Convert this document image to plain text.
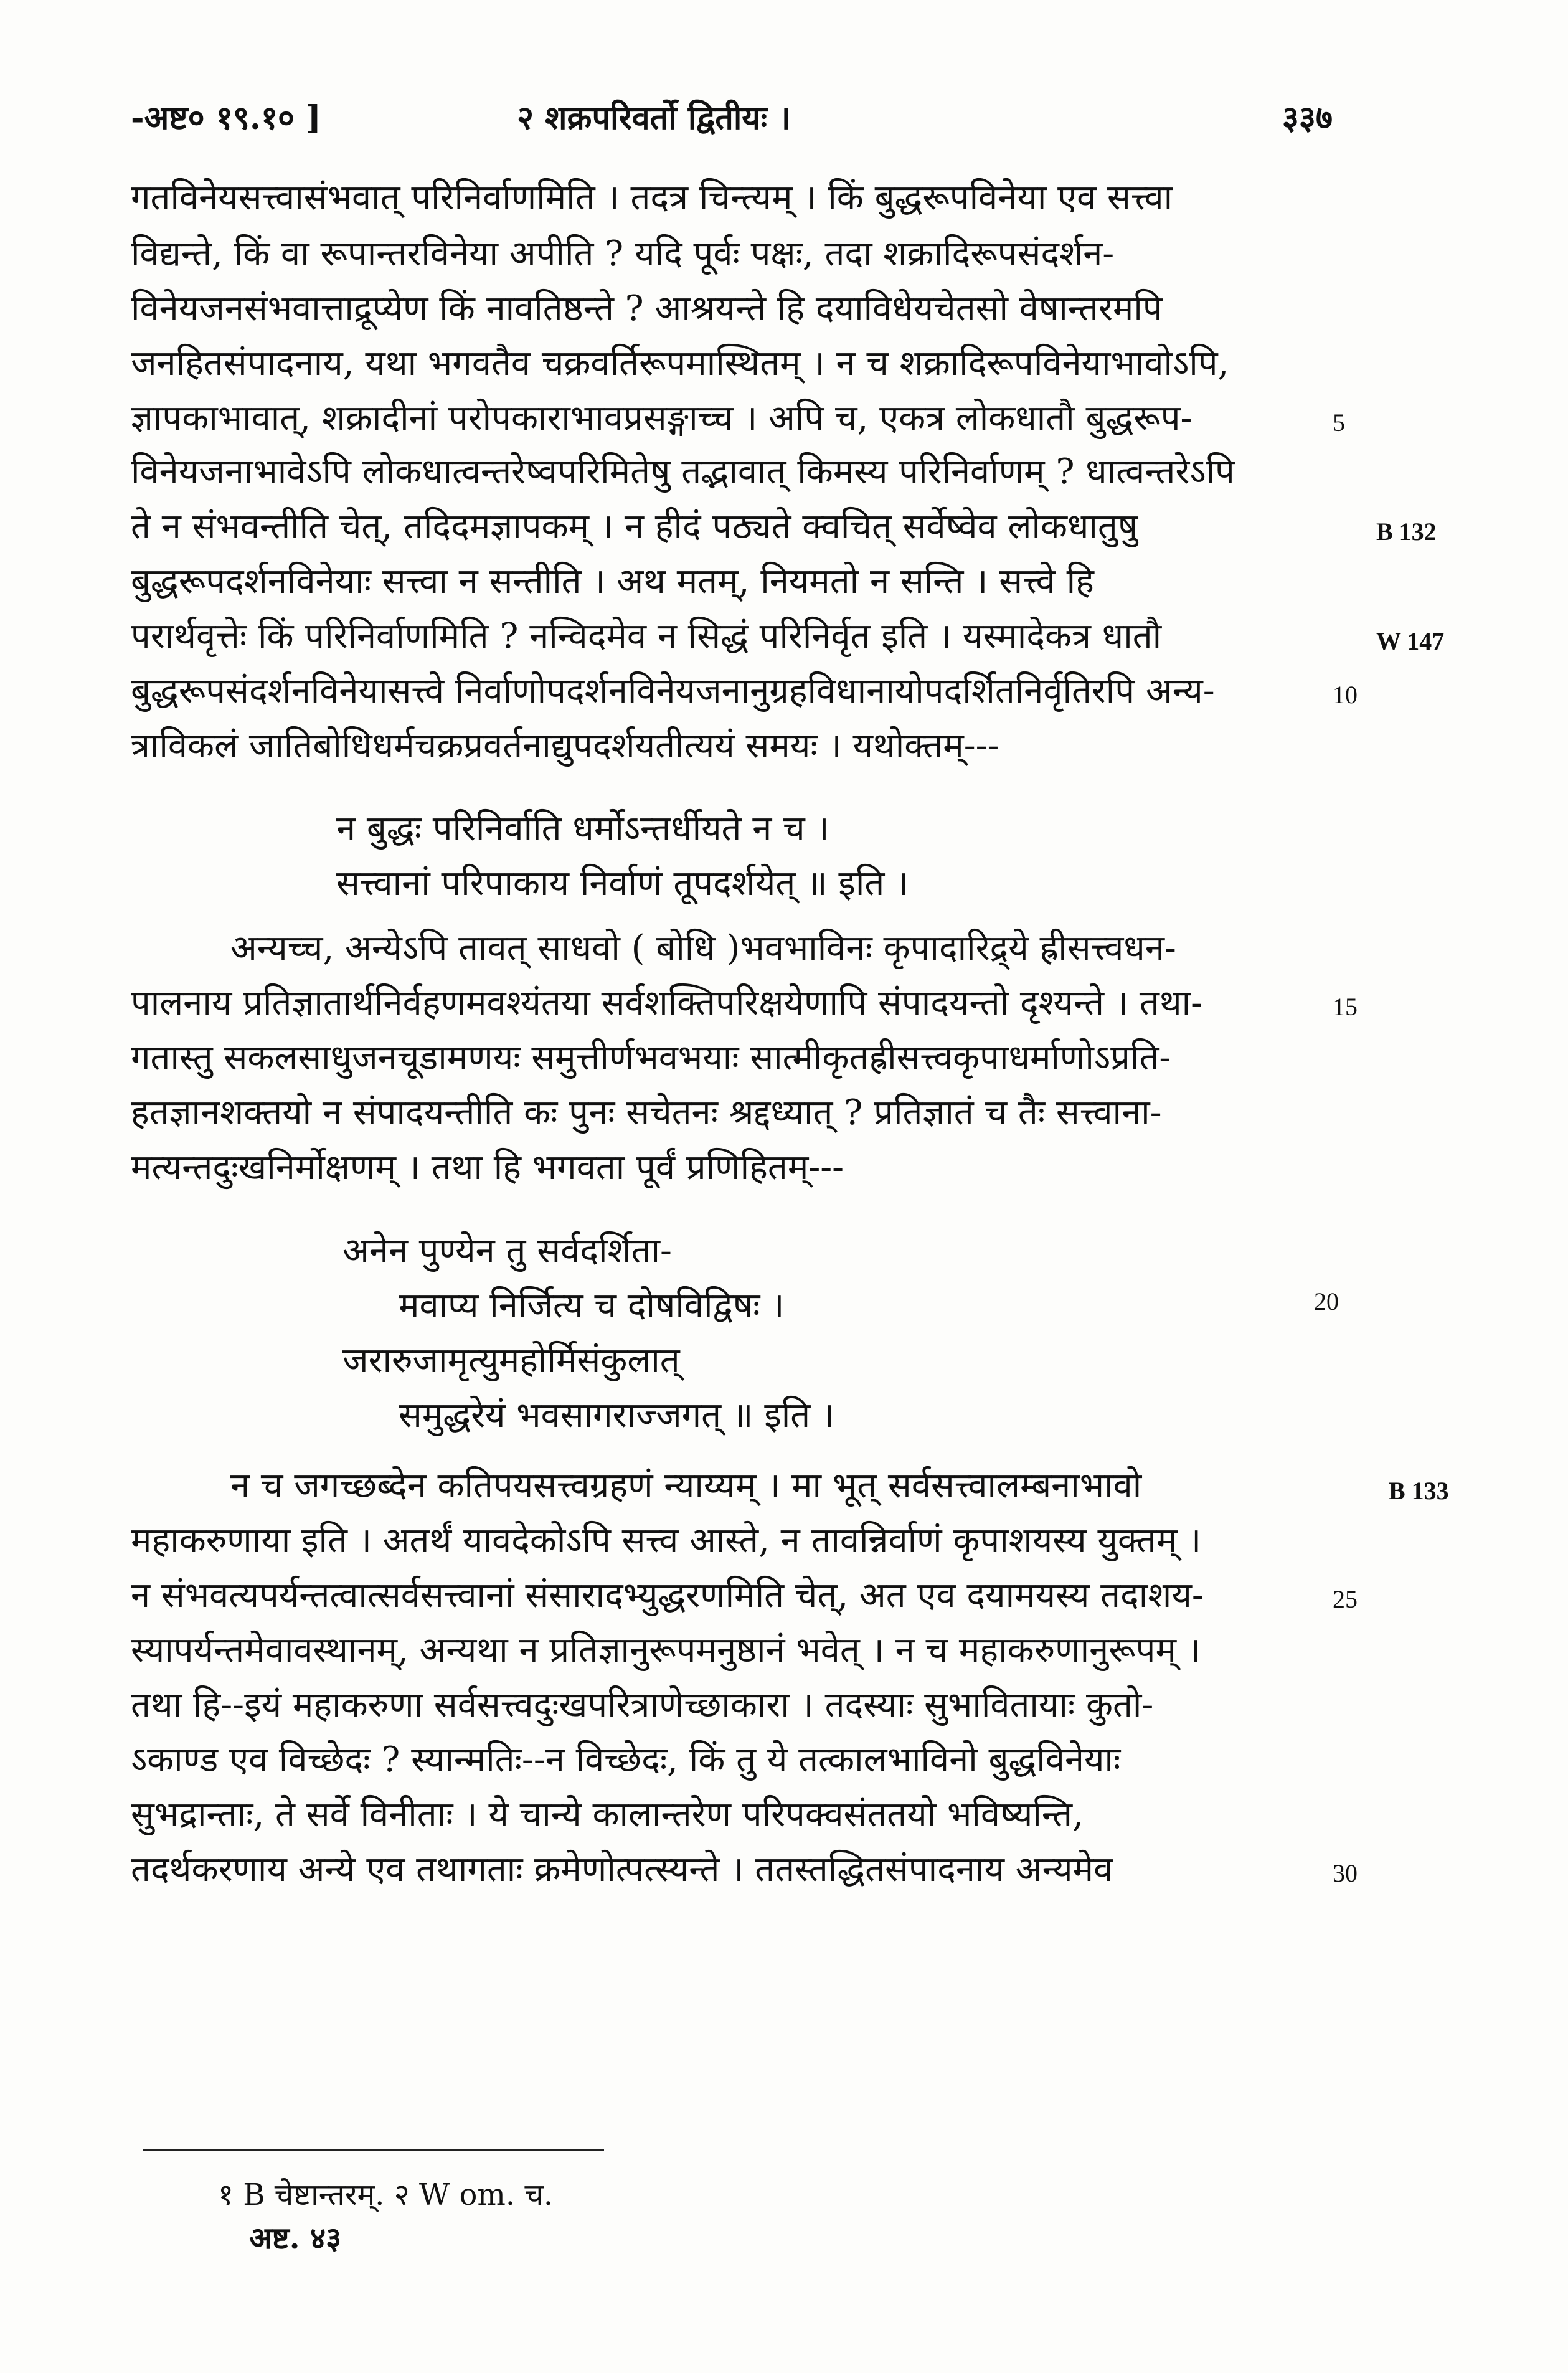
-अष्ट० १९.१० ]	२ शक्रपरिवर्तो द्वितीयः ।	३३७
गतविनेयसत्त्वासंभवात् परिनिर्वाणमिति । तदत्र चिन्त्यम् । किं बुद्धरूपविनेया एव सत्त्वा
विद्यन्ते, किं वा रूपान्तरविनेया अपीति ? यदि पूर्वः पक्षः, तदा शक्रादिरूपसंदर्शन-
विनेयजनसंभवात्ताद्रूप्येण किं नावतिष्ठन्ते ? आश्रयन्ते हि दयाविधेयचेतसो वेषान्तरमपि
जनहितसंपादनाय, यथा भगवतैव चक्रवर्तिरूपमास्थितम् । न च शक्रादिरूपविनेयाभावोऽपि,
ज्ञापकाभावात्, शक्रादीनां परोपकाराभावप्रसङ्गाच्च । अपि च, एकत्र लोकधातौ बुद्धरूप-
विनेयजनाभावेऽपि लोकधात्वन्तरेष्वपरिमितेषु तद्भावात् किमस्य परिनिर्वाणम् ? धात्वन्तरेऽपि
ते न संभवन्तीति चेत्, तदिदमज्ञापकम् । न हीदं पठ्यते क्वचित् सर्वेष्वेव लोकधातुषु
बुद्धरूपदर्शनविनेयाः सत्त्वा न सन्तीति । अथ मतम्, नियमतो न सन्ति । सत्त्वे हि
परार्थवृत्तेः किं परिनिर्वाणमिति ? नन्विदमेव न सिद्धं परिनिर्वृत इति । यस्मादेकत्र धातौ
बुद्धरूपसंदर्शनविनेयासत्त्वे निर्वाणोपदर्शनविनेयजनानुग्रहविधानायोपदर्शितनिर्वृतिरपि अन्य-
त्राविकलं जातिबोधिधर्मचक्रप्रवर्तनाद्युपदर्शयतीत्ययं समयः । यथोक्तम्---
न बुद्धः परिनिर्वाति धर्मोऽन्तर्धीयते न च ।
सत्त्वानां परिपाकाय निर्वाणं तूपदर्शयेत् ॥ इति ।
अन्यच्च, अन्येऽपि तावत् साधवो ( बोधि )भवभाविनः कृपादारिद्र्ये ह्रीसत्त्वधन-
पालनाय प्रतिज्ञातार्थनिर्वहणमवश्यंतया सर्वशक्तिपरिक्षयेणापि संपादयन्तो दृश्यन्ते । तथा-
गतास्तु सकलसाधुजनचूडामणयः समुत्तीर्णभवभयाः सात्मीकृतह्रीसत्त्वकृपाधर्माणोऽप्रति-
हतज्ञानशक्तयो न संपादयन्तीति कः पुनः सचेतनः श्रद्दध्यात् ? प्रतिज्ञातं च तैः सत्त्वाना-
मत्यन्तदुःखनिर्मोक्षणम् । तथा हि भगवता पूर्वं प्रणिहितम्---
अनेन पुण्येन तु सर्वदर्शिता-
मवाप्य निर्जित्य च दोषविद्विषः ।
जरारुजामृत्युमहोर्मिसंकुलात्
समुद्धरेयं भवसागराज्जगत् ॥ इति ।
न च जगच्छब्देन कतिपयसत्त्वग्रहणं न्याय्यम् । मा भूत् सर्वसत्त्वालम्बनाभावो
महाकरुणाया इति । अतर्थं यावदेकोऽपि सत्त्व आस्ते, न तावन्निर्वाणं कृपाशयस्य युक्तम् ।
न संभवत्यपर्यन्तत्वात्सर्वसत्त्वानां संसारादभ्युद्धरणमिति चेत्, अत एव दयामयस्य तदाशय-
स्यापर्यन्तमेवावस्थानम्, अन्यथा न प्रतिज्ञानुरूपमनुष्ठानं भवेत् । न च महाकरुणानुरूपम् ।
तथा हि--इयं महाकरुणा सर्वसत्त्वदुःखपरित्राणेच्छाकारा । तदस्याः सुभावितायाः कुतो-
ऽकाण्ड एव विच्छेदः ? स्यान्मतिः--न विच्छेदः, किं तु ये तत्कालभाविनो बुद्धविनेयाः
सुभद्रान्ताः, ते सर्वे विनीताः । ये चान्ये कालान्तरेण परिपक्वसंततयो भविष्यन्ति,
तदर्थकरणाय अन्ये एव तथागताः क्रमेणोत्पत्स्यन्ते । ततस्तद्धितसंपादनाय अन्यमेव
5
10
15
20
25
30
B 132
W 147
B 133
१ B चेष्टान्तरम्. २ W om. च.
अष्ट. ४३
